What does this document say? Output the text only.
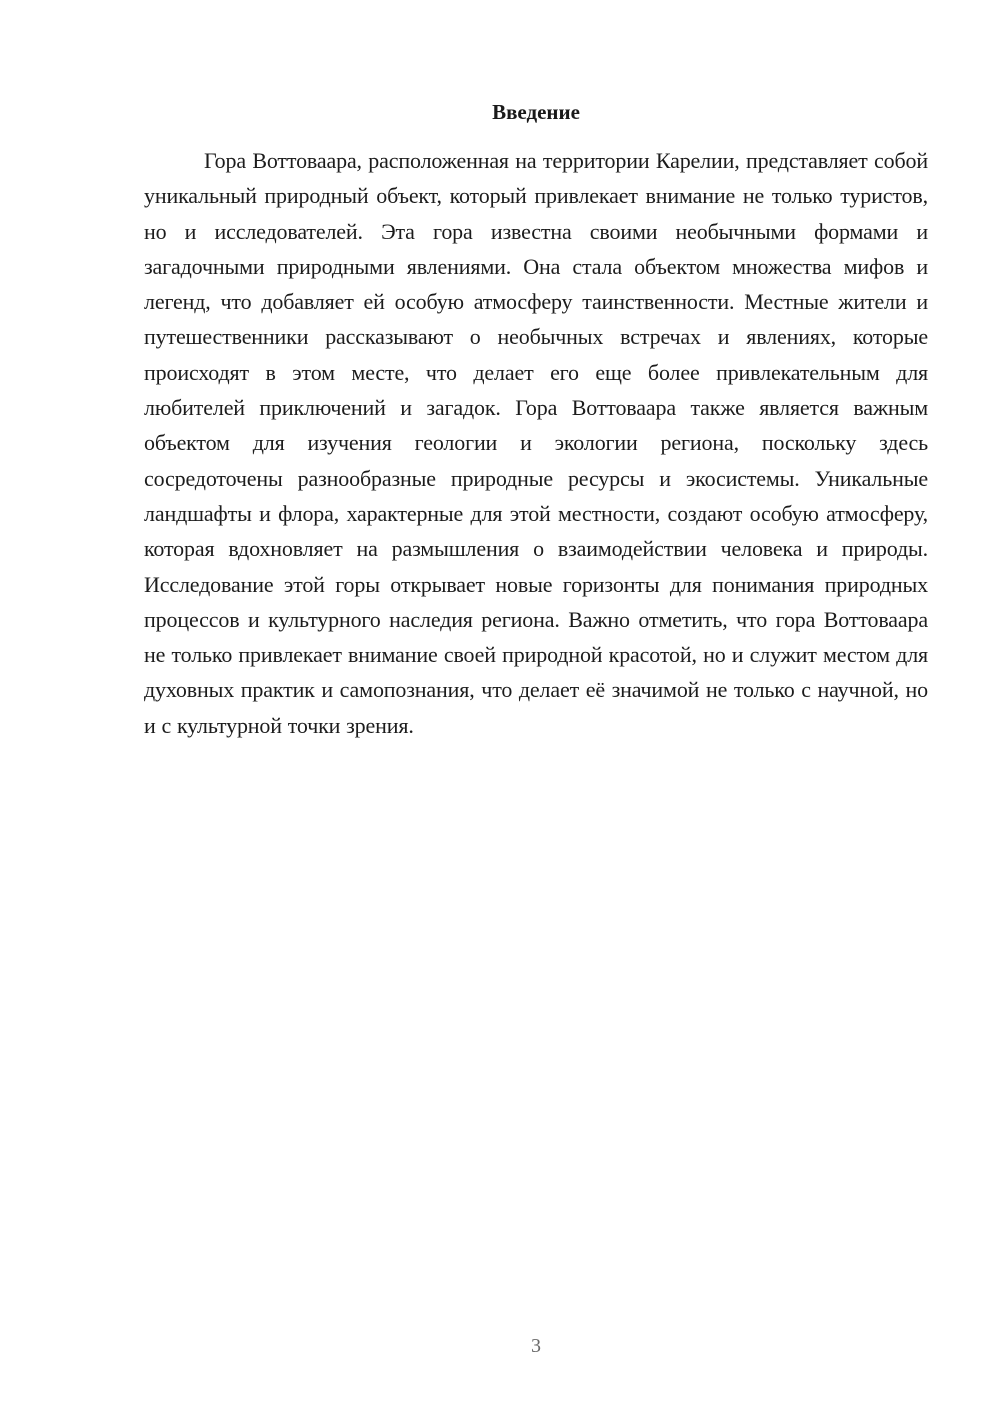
Введение

Гора Воттоваара, расположенная на территории Карелии, представляет собой уникальный природный объект, который привлекает внимание не только туристов, но и исследователей. Эта гора известна своими необычными формами и загадочными природными явлениями. Она стала объектом множества мифов и легенд, что добавляет ей особую атмосферу таинственности. Местные жители и путешественники рассказывают о необычных встречах и явлениях, которые происходят в этом месте, что делает его еще более привлекательным для любителей приключений и загадок. Гора Воттоваара также является важным объектом для изучения геологии и экологии региона, поскольку здесь сосредоточены разнообразные природные ресурсы и экосистемы. Уникальные ландшафты и флора, характерные для этой местности, создают особую атмосферу, которая вдохновляет на размышления о взаимодействии человека и природы. Исследование этой горы открывает новые горизонты для понимания природных процессов и культурного наследия региона. Важно отметить, что гора Воттоваара не только привлекает внимание своей природной красотой, но и служит местом для духовных практик и самопознания, что делает её значимой не только с научной, но и с культурной точки зрения.

3
